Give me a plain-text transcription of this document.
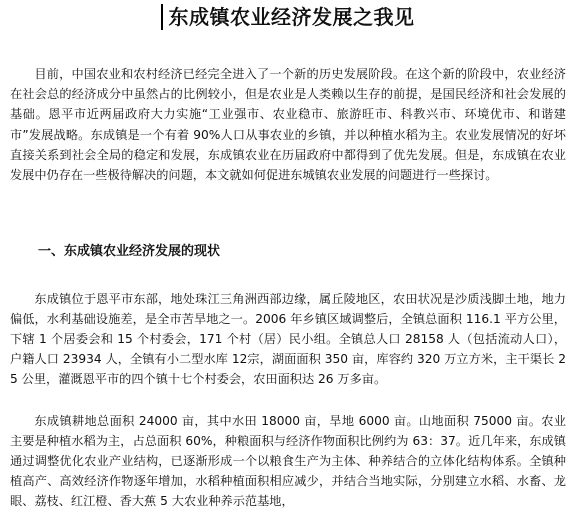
东成镇农业经济发展之我见

目前，中国农业和农村经济已经完全进入了一个新的历史发展阶段。在这个新的阶段中，农业经济在社会总的经济成分中虽然占的比例较小，但是农业是人类赖以生存的前提，是国民经济和社会发展的基础。恩平市近两届政府大力实施“工业强市、农业稳市、旅游旺市、科教兴市、环境优市、和谐建市”发展战略。东成镇是一个有着 90%人口从事农业的乡镇，并以种植水稻为主。农业发展情况的好坏直接关系到社会全局的稳定和发展，东成镇农业在历届政府中都得到了优先发展。但是，东成镇在农业发展中仍存在一些极待解决的问题，本文就如何促进东城镇农业发展的问题进行一些探讨。

一、东成镇农业经济发展的现状

东成镇位于恩平市东部，地处珠江三角洲西部边缘，属丘陵地区，农田状况是沙质浅脚土地，地力偏低，水利基础设施差，是全市苦旱地之一。2006 年乡镇区域调整后，全镇总面积 116.1 平方公里，下辖 1 个居委会和 15 个村委会，171 个村（居）民小组。全镇总人口 28158 人（包括流动人口），户籍人口 23934 人，全镇有小二型水库 12宗，湖面面积 350 亩，库容约 320 万立方米，主干渠长 25 公里，灌溉恩平市的四个镇十七个村委会，农田面积达 26 万多亩。

东成镇耕地总面积 24000 亩，其中水田 18000 亩，旱地 6000 亩。山地面积 75000 亩。农业主要是种植水稻为主，占总面积 60%，种粮面积与经济作物面积比例约为 63：37。近几年来，东成镇通过调整优化农业产业结构，已逐渐形成一个以粮食生产为主体、种养结合的立体化结构体系。全镇种植高产、高效经济作物逐年增加，水稻种植面积相应减少，并结合当地实际，分别建立水稻、水畜、龙眼、荔枝、红江橙、香大蕉 5 大农业种养示范基地，
